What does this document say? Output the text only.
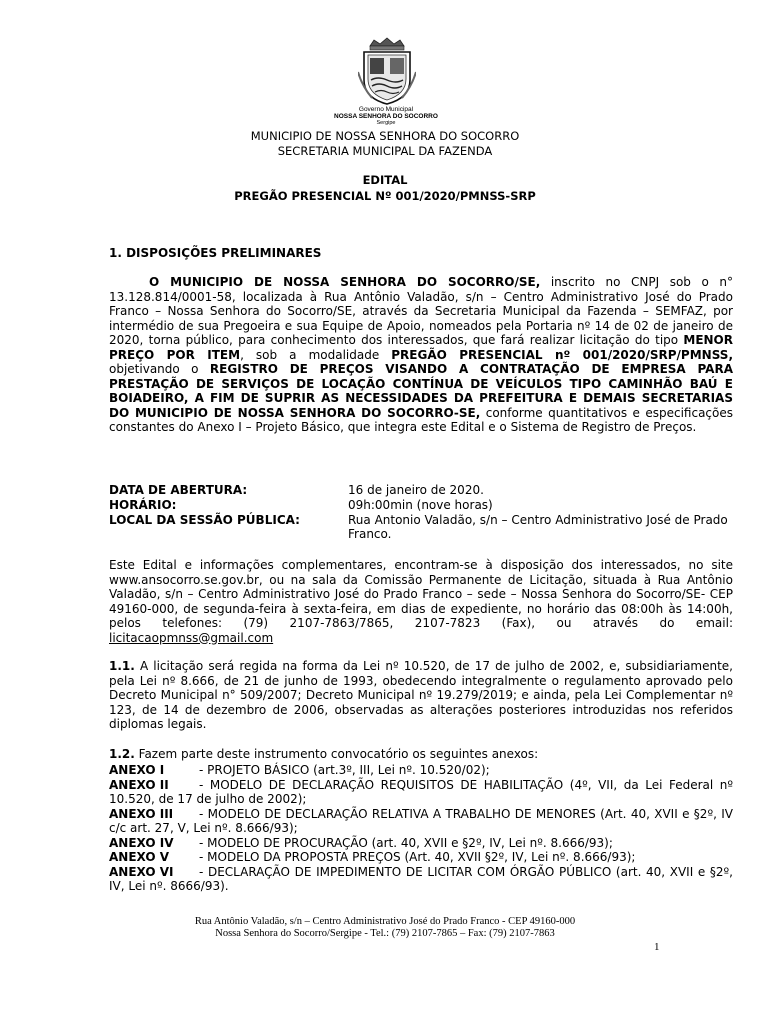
Governo Municipal
NOSSA SENHORA DO SOCORRO
Sergipe
MUNICIPIO DE NOSSA SENHORA DO SOCORRO
SECRETARIA MUNICIPAL DA FAZENDA
EDITAL
PREGÃO PRESENCIAL Nº 001/2020/PMNSS-SRP
1. DISPOSIÇÕES PRELIMINARES
O MUNICIPIO DE NOSSA SENHORA DO SOCORRO/SE, inscrito no CNPJ sob o n° 13.128.814/0001-58, localizada à Rua Antônio Valadão, s/n – Centro Administrativo José do Prado Franco – Nossa Senhora do Socorro/SE, através da Secretaria Municipal da Fazenda – SEMFAZ, por intermédio de sua Pregoeira e sua Equipe de Apoio, nomeados pela Portaria nº 14 de 02 de janeiro de 2020, torna público, para conhecimento dos interessados, que fará realizar licitação do tipo MENOR PREÇO POR ITEM, sob a modalidade PREGÃO PRESENCIAL nº 001/2020/SRP/PMNSS, objetivando o REGISTRO DE PREÇOS VISANDO A CONTRATAÇÃO DE EMPRESA PARA PRESTAÇÃO DE SERVIÇOS DE LOCAÇÃO CONTÍNUA DE VEÍCULOS TIPO CAMINHÃO BAÚ E BOIADEIRO, A FIM DE SUPRIR AS NECESSIDADES DA PREFEITURA E DEMAIS SECRETARIAS DO MUNICIPIO DE NOSSA SENHORA DO SOCORRO-SE, conforme quantitativos e especificações constantes do Anexo I – Projeto Básico, que integra este Edital e o Sistema de Registro de Preços.
DATA DE ABERTURA:	16 de janeiro de 2020.
HORÁRIO:	09h:00min (nove horas)
LOCAL DA SESSÃO PÚBLICA:	Rua Antonio Valadão, s/n – Centro Administrativo José de Prado Franco.
Este Edital e informações complementares, encontram-se à disposição dos interessados, no site www.ansocorro.se.gov.br, ou na sala da Comissão Permanente de Licitação, situada à Rua Antônio Valadão, s/n – Centro Administrativo José do Prado Franco – sede – Nossa Senhora do Socorro/SE- CEP 49160-000, de segunda-feira à sexta-feira, em dias de expediente, no horário das 08:00h às 14:00h, pelos telefones: (79) 2107-7863/7865, 2107-7823 (Fax), ou através do email: licitacaopmnss@gmail.com
1.1. A licitação será regida na forma da Lei nº 10.520, de 17 de julho de 2002, e, subsidiariamente, pela Lei nº 8.666, de 21 de junho de 1993, obedecendo integralmente o regulamento aprovado pelo Decreto Municipal n° 509/2007; Decreto Municipal nº 19.279/2019; e ainda, pela Lei Complementar nº 123, de 14 de dezembro de 2006, observadas as alterações posteriores introduzidas nos referidos diplomas legais.
1.2. Fazem parte deste instrumento convocatório os seguintes anexos:
ANEXO I	- PROJETO BÁSICO (art.3º, III, Lei nº. 10.520/02);
ANEXO II	- MODELO DE DECLARAÇÃO REQUISITOS DE HABILITAÇÃO (4º, VII, da Lei Federal nº 10.520, de 17 de julho de 2002);
ANEXO III - MODELO DE DECLARAÇÃO RELATIVA A TRABALHO DE MENORES (Art. 40, XVII e §2º, IV c/c art. 27, V, Lei nº. 8.666/93);
ANEXO IV - MODELO DE PROCURAÇÃO (art. 40, XVII e §2º, IV, Lei nº. 8.666/93);
ANEXO V - MODELO DA PROPOSTA PREÇOS (Art. 40, XVII §2º, IV, Lei nº. 8.666/93);
ANEXO VI - DECLARAÇÃO DE IMPEDIMENTO DE LICITAR COM ÓRGÃO PÚBLICO (art. 40, XVII e §2º, IV, Lei nº. 8666/93).
Rua Antônio Valadão, s/n – Centro Administrativo José do Prado Franco - CEP 49160-000
Nossa Senhora do Socorro/Sergipe - Tel.: (79) 2107-7865 – Fax: (79) 2107-7863
1
